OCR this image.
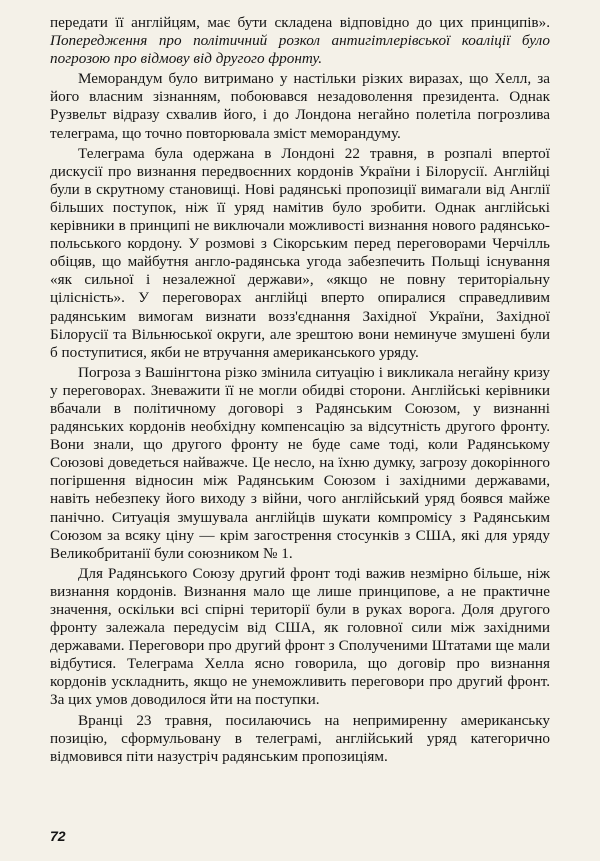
передати її англійцям, має бути складена відповідно до цих принципів». Попередження про політичний розкол антигітлерівської коаліції було погрозою про відмову від другого фронту.

Меморандум було витримано у настільки різких виразах, що Хелл, за його власним зізнанням, побоювався незадоволення президента. Однак Рузвельт відразу схвалив його, і до Лондона негайно полетіла погрозлива телеграма, що точно повторювала зміст меморандуму.

Телеграма була одержана в Лондоні 22 травня, в розпалі впертої дискусії про визнання передвоєнних кордонів України і Білорусії. Англійці були в скрутному становищі. Нові радянські пропозиції вимагали від Англії більших поступок, ніж її уряд намітив було зробити. Однак англійські керівники в принципі не виключали можливості визнання нового радянсько-польського кордону. У розмові з Сікорським перед переговорами Черчілль обіцяв, що майбутня англо-радянська угода забезпечить Польщі існування «як сильної і незалежної держави», «якщо не повну територіальну цілісність». У переговорах англійці вперто опиралися справедливим радянським вимогам визнати возз'єднання Західної України, Західної Білорусії та Вільнюської округи, але зрештою вони неминуче змушені були б поступитися, якби не втручання американського уряду.

Погроза з Вашінгтона різко змінила ситуацію і викликала негайну кризу у переговорах. Зневажити її не могли обидві сторони. Англійські керівники вбачали в політичному договорі з Радянським Союзом, у визнанні радянських кордонів необхідну компенсацію за відсутність другого фронту. Вони знали, що другого фронту не буде саме тоді, коли Радянському Союзові доведеться найважче. Це несло, на їхню думку, загрозу докорінного погіршення відносин між Радянським Союзом і західними державами, навіть небезпеку його виходу з війни, чого англійський уряд боявся майже панічно. Ситуація змушувала англійців шукати компромісу з Радянським Союзом за всяку ціну — крім загострення стосунків з США, які для уряду Великобританії були союзником № 1.

Для Радянського Союзу другий фронт тоді важив незмірно більше, ніж визнання кордонів. Визнання мало ще лише принципове, а не практичне значення, оскільки всі спірні території були в руках ворога. Доля другого фронту залежала передусім від США, як головної сили між західними державами. Переговори про другий фронт з Сполученими Штатами ще мали відбутися. Телеграма Хелла ясно говорила, що договір про визнання кордонів ускладнить, якщо не унеможливить переговори про другий фронт. За цих умов доводилося йти на поступки.

Вранці 23 травня, посилаючись на непримиренну американську позицію, сформульовану в телеграмі, англійський уряд категорично відмовився піти назустріч радянським пропозиціям.

72
